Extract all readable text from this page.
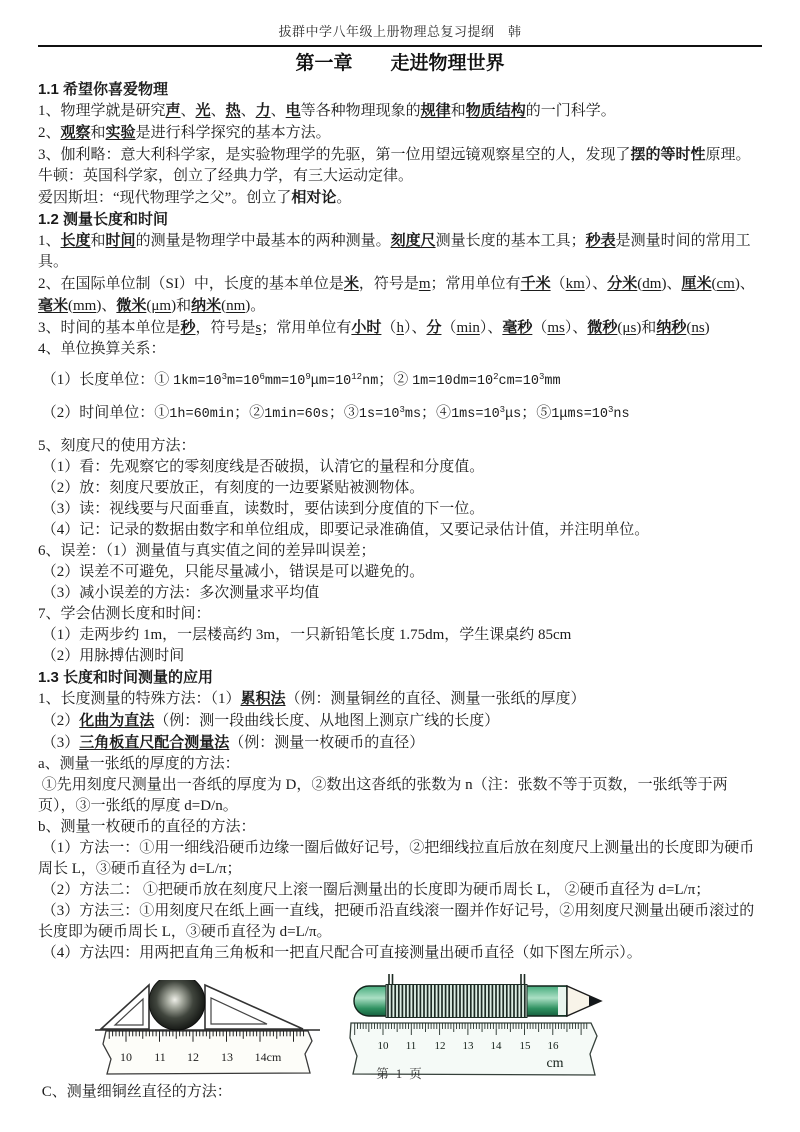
拔群中学八年级上册物理总复习提纲　韩
第一章　　走进物理世界
1.1 希望你喜爱物理
1、物理学就是研究声、光、热、力、电等各种物理现象的规律和物质结构的一门科学。
2、观察和实验是进行科学探究的基本方法。
3、伽利略：意大利科学家，是实验物理学的先驱，第一位用望远镜观察星空的人，发现了摆的等时性原理。
牛顿：英国科学家，创立了经典力学，有三大运动定律。
爱因斯坦：“现代物理学之父”。创立了相对论。
1.2 测量长度和时间
1、长度和时间的测量是物理学中最基本的两种测量。刻度尺测量长度的基本工具；秒表是测量时间的常用工具。
2、在国际单位制（SI）中，长度的基本单位是米，符号是m；常用单位有千米（km）、分米(dm)、厘米(cm)、毫米(mm)、微米(μm)和纳米(nm)。
3、时间的基本单位是秒，符号是s；常用单位有小时（h）、分（min）、毫秒（ms）、微秒(μs)和纳秒(ns)
4、单位换算关系：
（1）长度单位：① $1km=10^3m=10^6mm=10^9\mu m=10^{12}nm$；② $1m=10dm=10^2cm=10^3mm$
（2）时间单位：①1h=60min；②1min=60s；$③1s=10^3ms$；$④1ms=10^3\mu s$；$⑤1\mu ms=10^3ns$
5、刻度尺的使用方法：
（1）看：先观察它的零刻度线是否破损，认清它的量程和分度值。
（2）放：刻度尺要放正，有刻度的一边要紧贴被测物体。
（3）读：视线要与尺面垂直，读数时，要估读到分度值的下一位。
（4）记：记录的数据由数字和单位组成，即要记录准确值，又要记录估计值，并注明单位。
6、误差：（1）测量值与真实值之间的差异叫误差；
（2）误差不可避免，只能尽量减小，错误是可以避免的。
（3）减小误差的方法：多次测量求平均值
7、学会估测长度和时间：
（1）走两步约 1m，一层楼高约 3m，一只新铅笔长度 1.75dm，学生课桌约 85cm
（2）用脉搏估测时间
1.3 长度和时间测量的应用
1、长度测量的特殊方法：（1）累积法（例：测量铜丝的直径、测量一张纸的厚度）
（2）化曲为直法（例：测一段曲线长度、从地图上测京广线的长度）
（3）三角板直尺配合测量法（例：测量一枚硬币的直径）
a、测量一张纸的厚度的方法：
①先用刻度尺测量出一沓纸的厚度为 D，②数出这沓纸的张数为 n（注：张数不等于页数，一张纸等于两页），③一张纸的厚度 d=D/n。
b、测量一枚硬币的直径的方法：
（1）方法一：①用一细线沿硬币边缘一圈后做好记号，②把细线拉直后放在刻度尺上测量出的长度即为硬币周长 L，③硬币直径为 d=L/π；
（2）方法二： ①把硬币放在刻度尺上滚一圈后测量出的长度即为硬币周长 L， ②硬币直径为 d=L/π；
（3）方法三：①用刻度尺在纸上画一直线，把硬币沿直线滚一圈并作好记号，②用刻度尺测量出硬币滚过的长度即为硬币周长 L，③硬币直径为 d=L/π。
（4）方法四：用两把直角三角板和一把直尺配合可直接测量出硬币直径（如下图左所示）。
10 11 12 13 14cm
10 11 12 13 14 15 16
cm
C、测量细铜丝直径的方法：
第 1 页
